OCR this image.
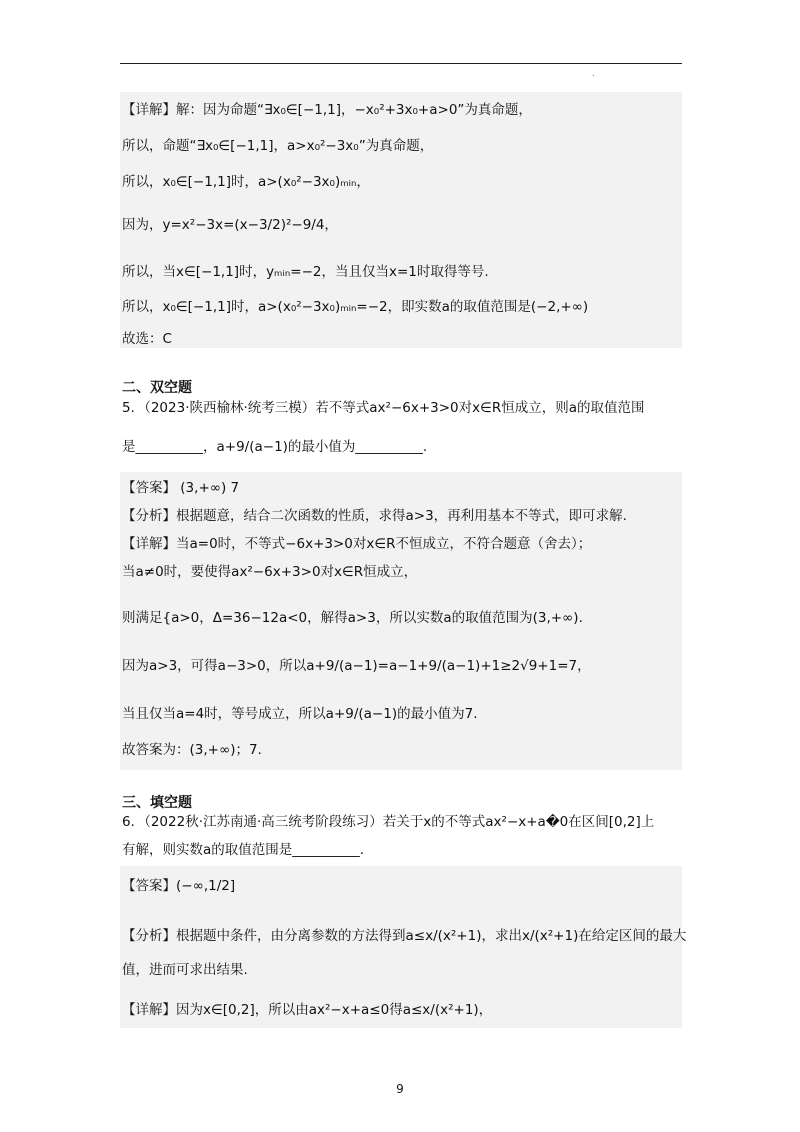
.
【详解】解：因为命题“∃x₀∈[−1,1]，−x₀²+3x₀+a>0”为真命题，
所以，命题“∃x₀∈[−1,1]，a>x₀²−3x₀”为真命题，
所以，x₀∈[−1,1]时，a>(x₀²−3x₀)ₘᵢₙ，
因为，y=x²−3x=(x−3/2)²−9/4，
所以，当x∈[−1,1]时，yₘᵢₙ=−2，当且仅当x=1时取得等号.
所以，x₀∈[−1,1]时，a>(x₀²−3x₀)ₘᵢₙ=−2，即实数a的取值范围是(−2,+∞)
故选：C
二、双空题
5．（2023·陕西榆林·统考三模）若不等式ax²−6x+3>0对x∈R恒成立，则a的取值范围
是__________，a+9/(a−1)的最小值为__________.
【答案】 (3,+∞) 7
【分析】根据题意，结合二次函数的性质，求得a>3，再利用基本不等式，即可求解.
【详解】当a=0时，不等式−6x+3>0对x∈R不恒成立，不符合题意（舍去）；
当a≠0时，要使得ax²−6x+3>0对x∈R恒成立，
则满足{a>0，Δ=36−12a<0，解得a>3，所以实数a的取值范围为(3,+∞).
因为a>3，可得a−3>0，所以a+9/(a−1)=a−1+9/(a−1)+1≥2√9+1=7，
当且仅当a=4时，等号成立，所以a+9/(a−1)的最小值为7.
故答案为：(3,+∞)；7.
三、填空题
6．（2022秋·江苏南通·高三统考阶段练习）若关于x的不等式ax²−x+a�0在区间[0,2]上
有解，则实数a的取值范围是__________.
【答案】(−∞,1/2]
【分析】根据题中条件，由分离参数的方法得到a≤x/(x²+1)，求出x/(x²+1)在给定区间的最大
值，进而可求出结果.
【详解】因为x∈[0,2]，所以由ax²−x+a≤0得a≤x/(x²+1)，
9
